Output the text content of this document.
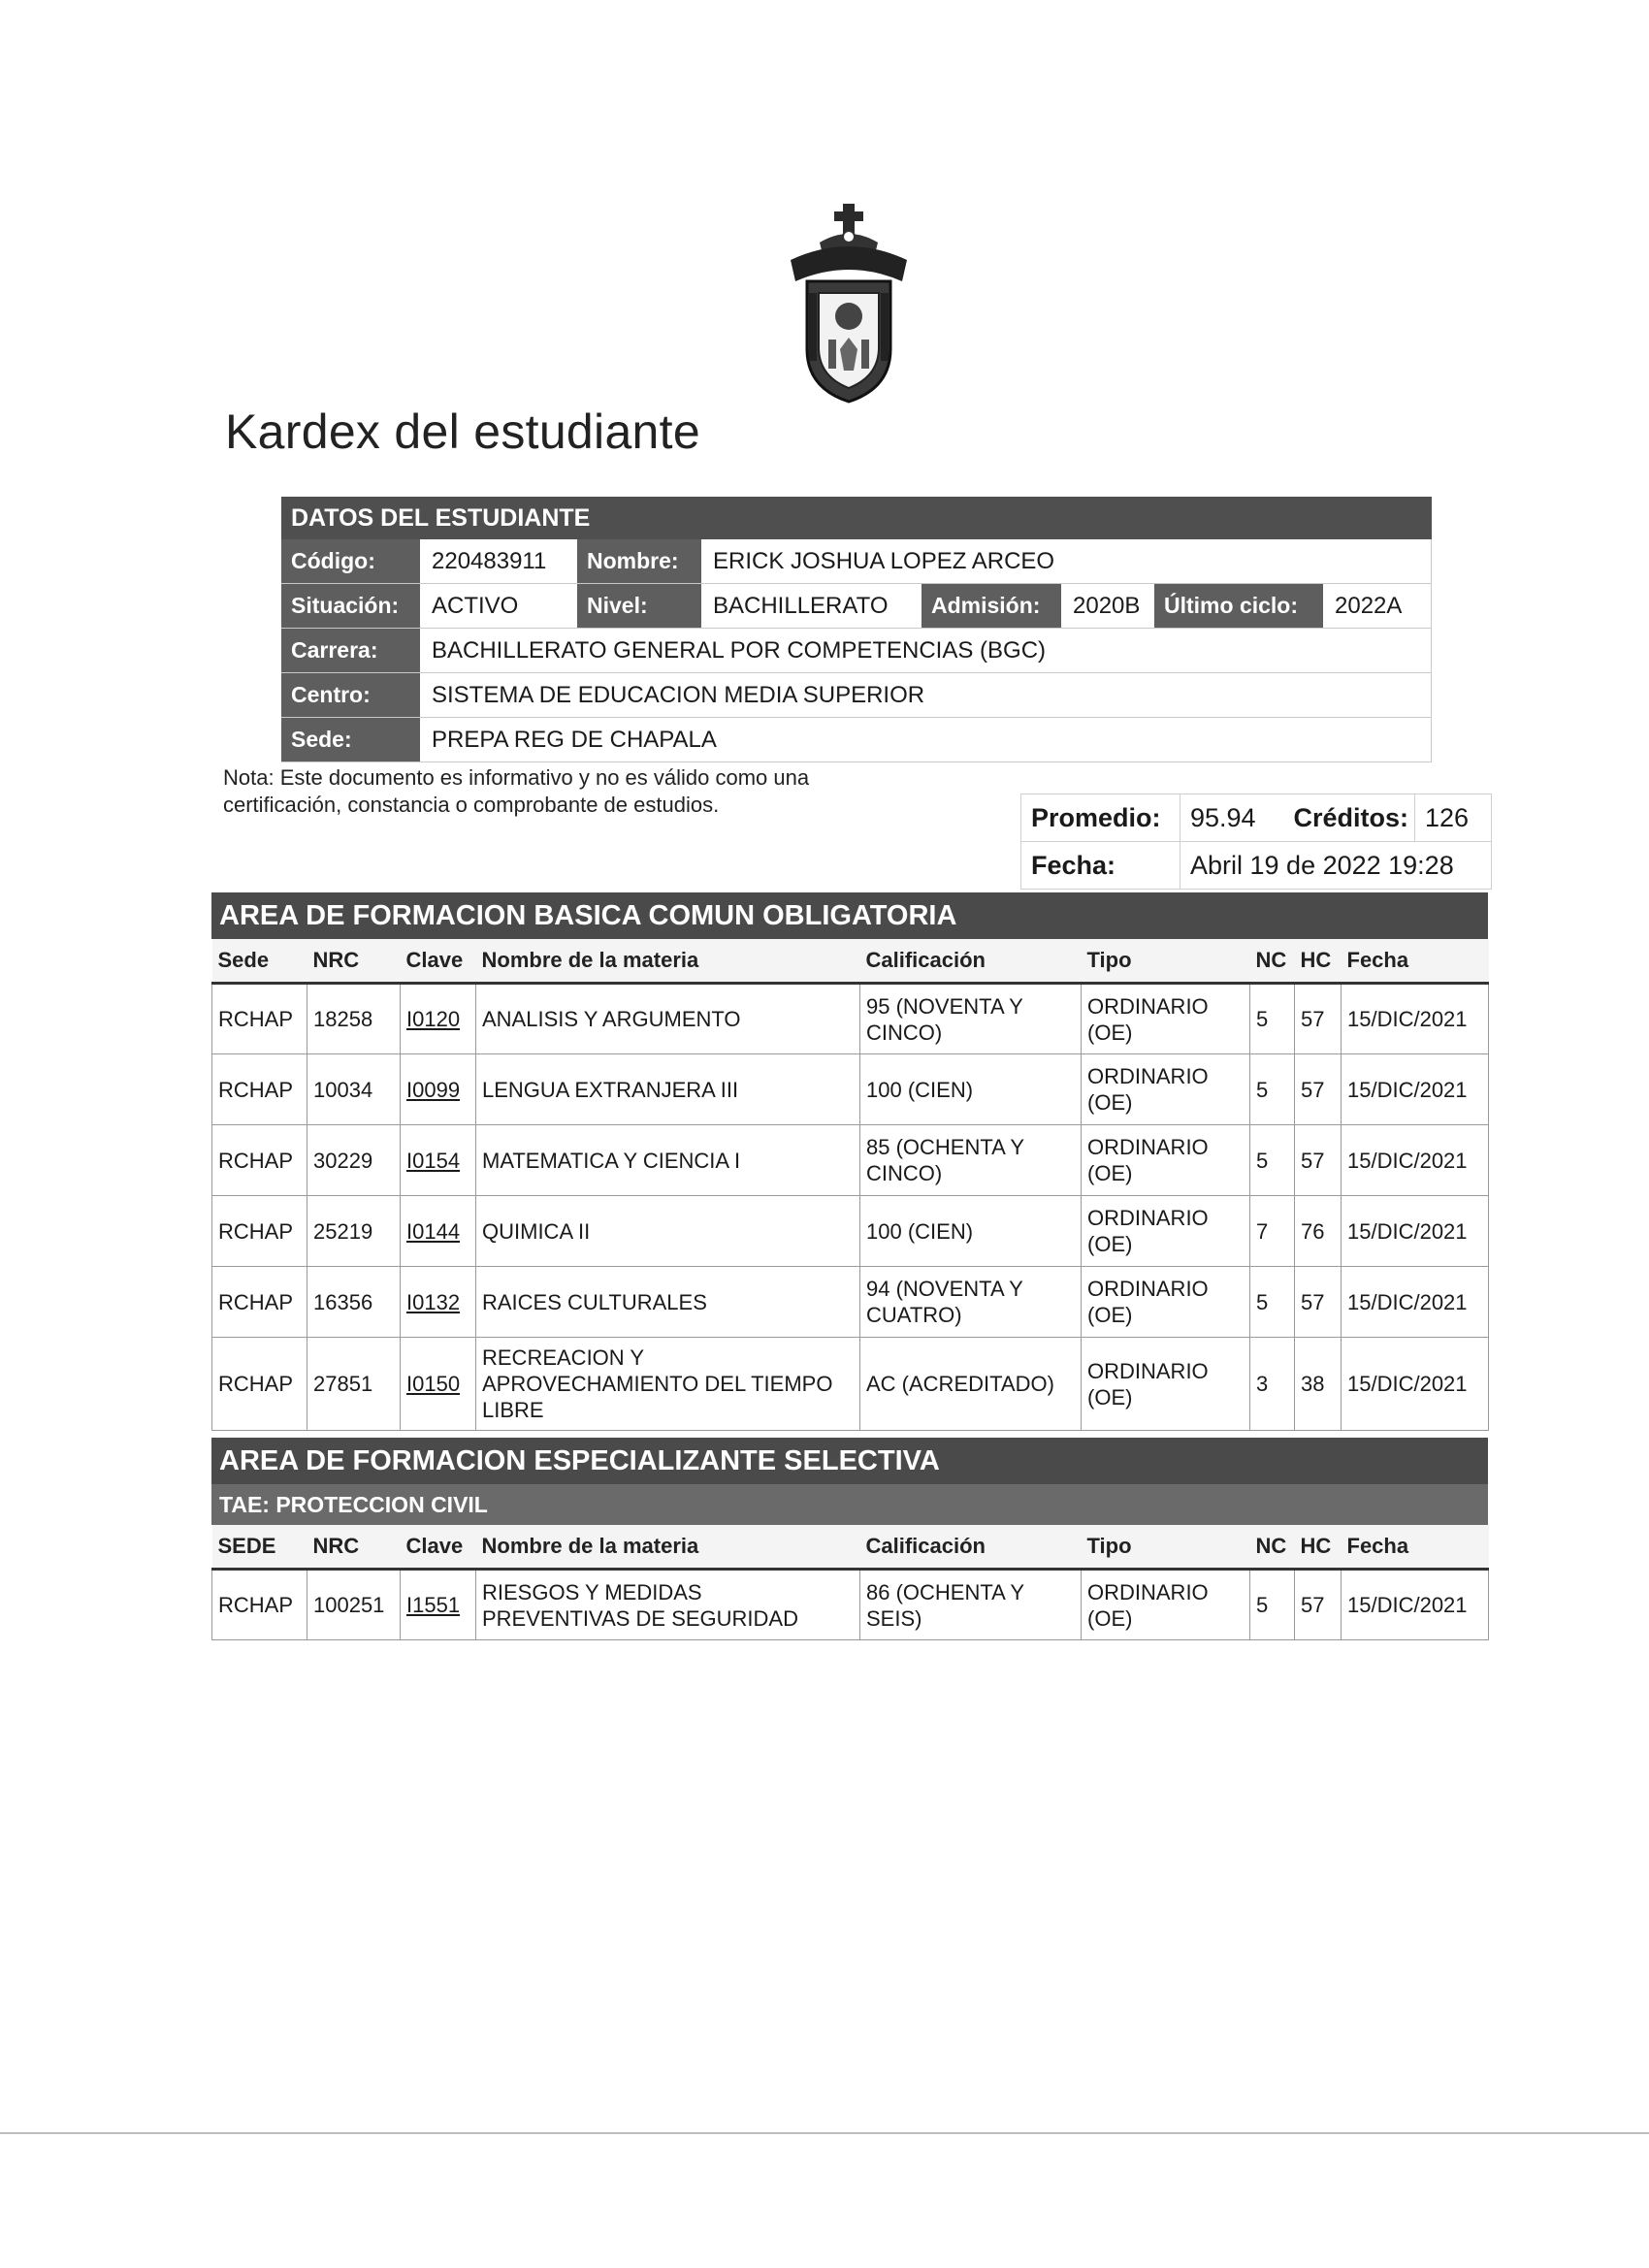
Kardex del estudiante
DATOS DEL ESTUDIANTE
Código:	220483911	Nombre:	ERICK JOSHUA LOPEZ ARCEO
Situación:	ACTIVO	Nivel:	BACHILLERATO	Admisión:	2020B	Último ciclo:	2022A
Carrera:	BACHILLERATO GENERAL POR COMPETENCIAS (BGC)
Centro:	SISTEMA DE EDUCACION MEDIA SUPERIOR
Sede:	PREPA REG DE CHAPALA
Nota: Este documento es informativo y no es válido como una
certificación, constancia o comprobante de estudios.	Promedio:	95.94	Créditos: 126
Fecha:	Abril 19 de 2022 19:28
AREA DE FORMACION BASICA COMUN OBLIGATORIA
Sede	NRC	Clave	Nombre de la materia	Calificación	Tipo	NC	HC	Fecha
RCHAP	18258	I0120	ANALISIS Y ARGUMENTO	95 (NOVENTA Y CINCO)	ORDINARIO (OE)	5	57	15/DIC/2021
RCHAP	10034	I0099	LENGUA EXTRANJERA III	100 (CIEN)	ORDINARIO (OE)	5	57	15/DIC/2021
RCHAP	30229	I0154	MATEMATICA Y CIENCIA I	85 (OCHENTA Y CINCO)	ORDINARIO (OE)	5	57	15/DIC/2021
RCHAP	25219	I0144	QUIMICA II	100 (CIEN)	ORDINARIO (OE)	7	76	15/DIC/2021
RCHAP	16356	I0132	RAICES CULTURALES	94 (NOVENTA Y CUATRO)	ORDINARIO (OE)	5	57	15/DIC/2021
RCHAP	27851	I0150	RECREACION Y APROVECHAMIENTO DEL TIEMPO LIBRE	AC (ACREDITADO)	ORDINARIO (OE)	3	38	15/DIC/2021
AREA DE FORMACION ESPECIALIZANTE SELECTIVA
TAE: PROTECCION CIVIL
SEDE	NRC	Clave	Nombre de la materia	Calificación	Tipo	NC	HC	Fecha
RCHAP	100251	I1551	RIESGOS Y MEDIDAS PREVENTIVAS DE SEGURIDAD	86 (OCHENTA Y SEIS)	ORDINARIO (OE)	5	57	15/DIC/2021
